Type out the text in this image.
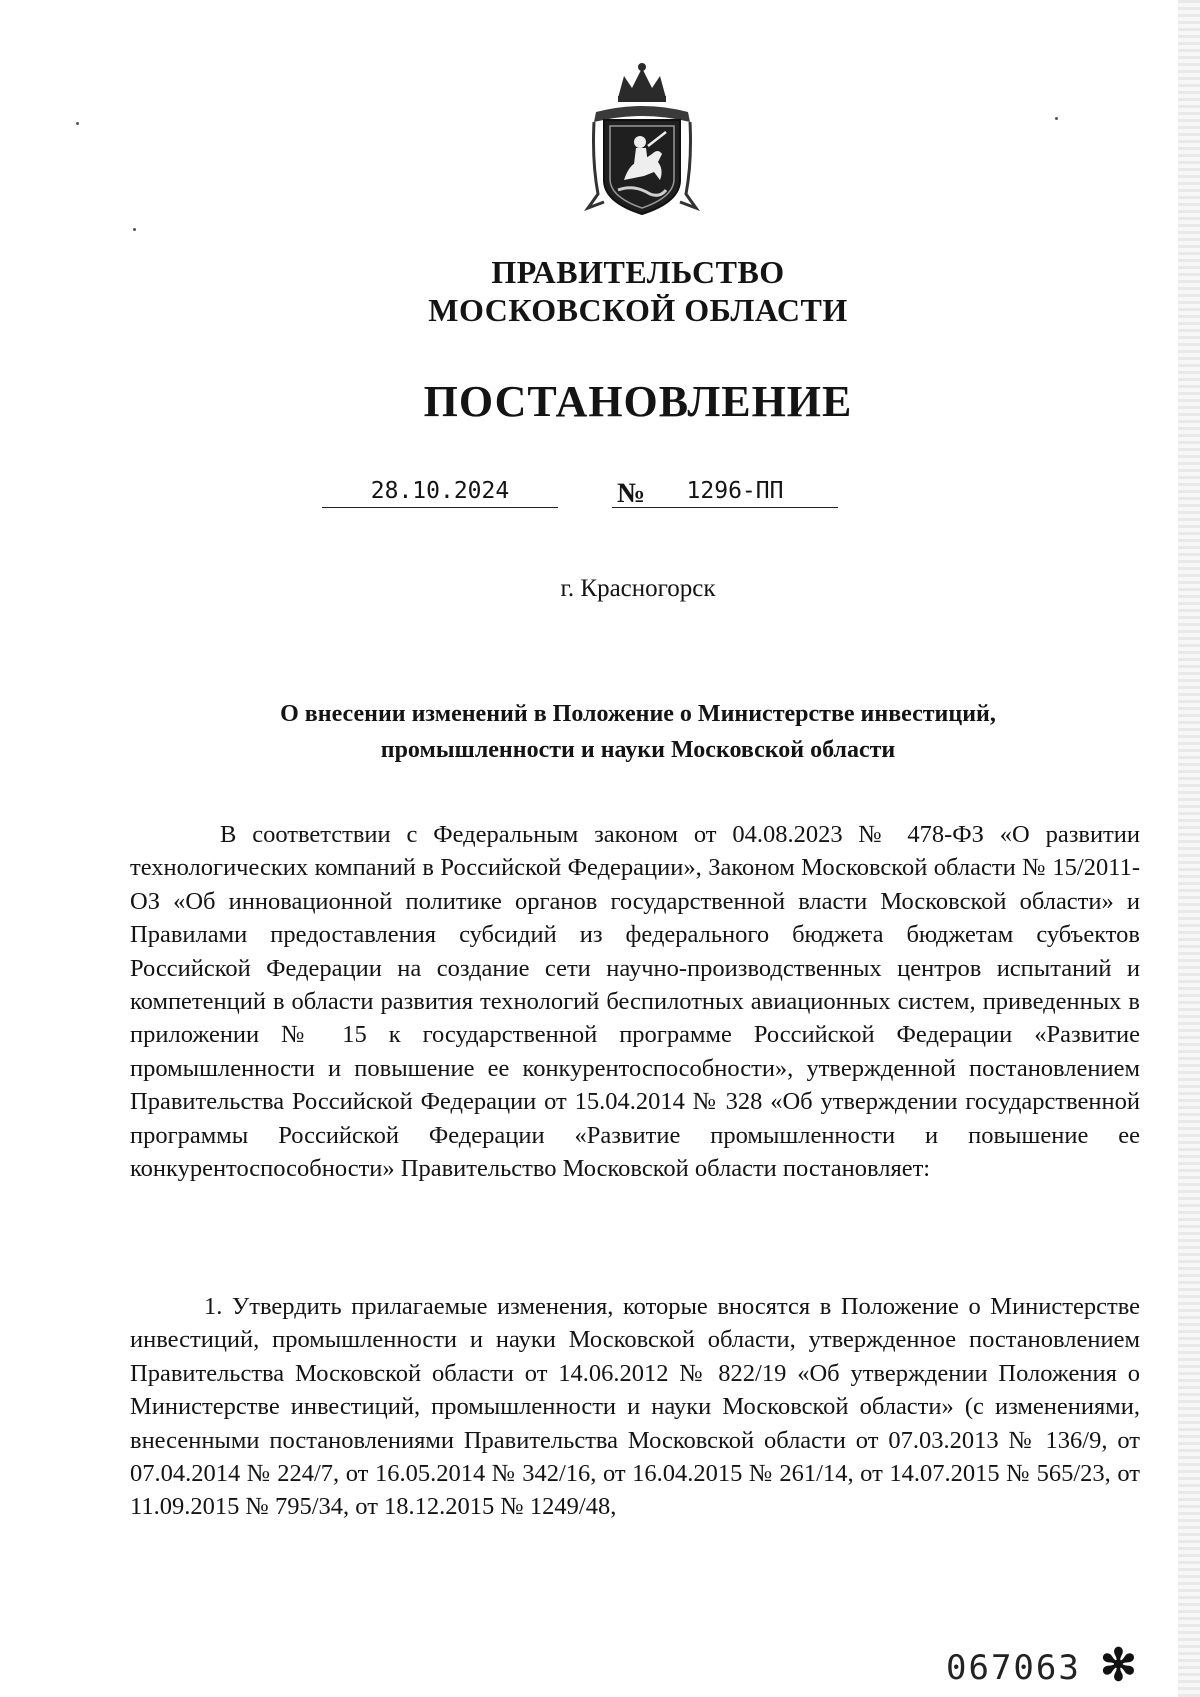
ПРАВИТЕЛЬСТВО
МОСКОВСКОЙ ОБЛАСТИ
ПОСТАНОВЛЕНИЕ
28.10.2024	№	1296-ПП
г. Красногорск
О внесении изменений в Положение о Министерстве инвестиций,
промышленности и науки Московской области
В соответствии с Федеральным законом от 04.08.2023 № 478-ФЗ «О развитии технологических компаний в Российской Федерации», Законом Московской области № 15/2011-ОЗ «Об инновационной политике органов государственной власти Московской области» и Правилами предоставления субсидий из федерального бюджета бюджетам субъектов Российской Федерации на создание сети научно-производственных центров испытаний и компетенций в области развития технологий беспилотных авиационных систем, приведенных в приложении № 15 к государственной программе Российской Федерации «Развитие промышленности и повышение ее конкурентоспособности», утвержденной постановлением Правительства Российской Федерации от 15.04.2014 № 328 «Об утверждении государственной программы Российской Федерации «Развитие промышленности и повышение ее конкурентоспособности» Правительство Московской области постановляет:
1. Утвердить прилагаемые изменения, которые вносятся в Положение о Министерстве инвестиций, промышленности и науки Московской области, утвержденное постановлением Правительства Московской области от 14.06.2012 № 822/19 «Об утверждении Положения о Министерстве инвестиций, промышленности и науки Московской области» (с изменениями, внесенными постановлениями Правительства Московской области от 07.03.2013 № 136/9, от 07.04.2014 № 224/7, от 16.05.2014 № 342/16, от 16.04.2015 № 261/14, от 14.07.2015 № 565/23, от 11.09.2015 № 795/34, от 18.12.2015 № 1249/48,
067063 ✻
